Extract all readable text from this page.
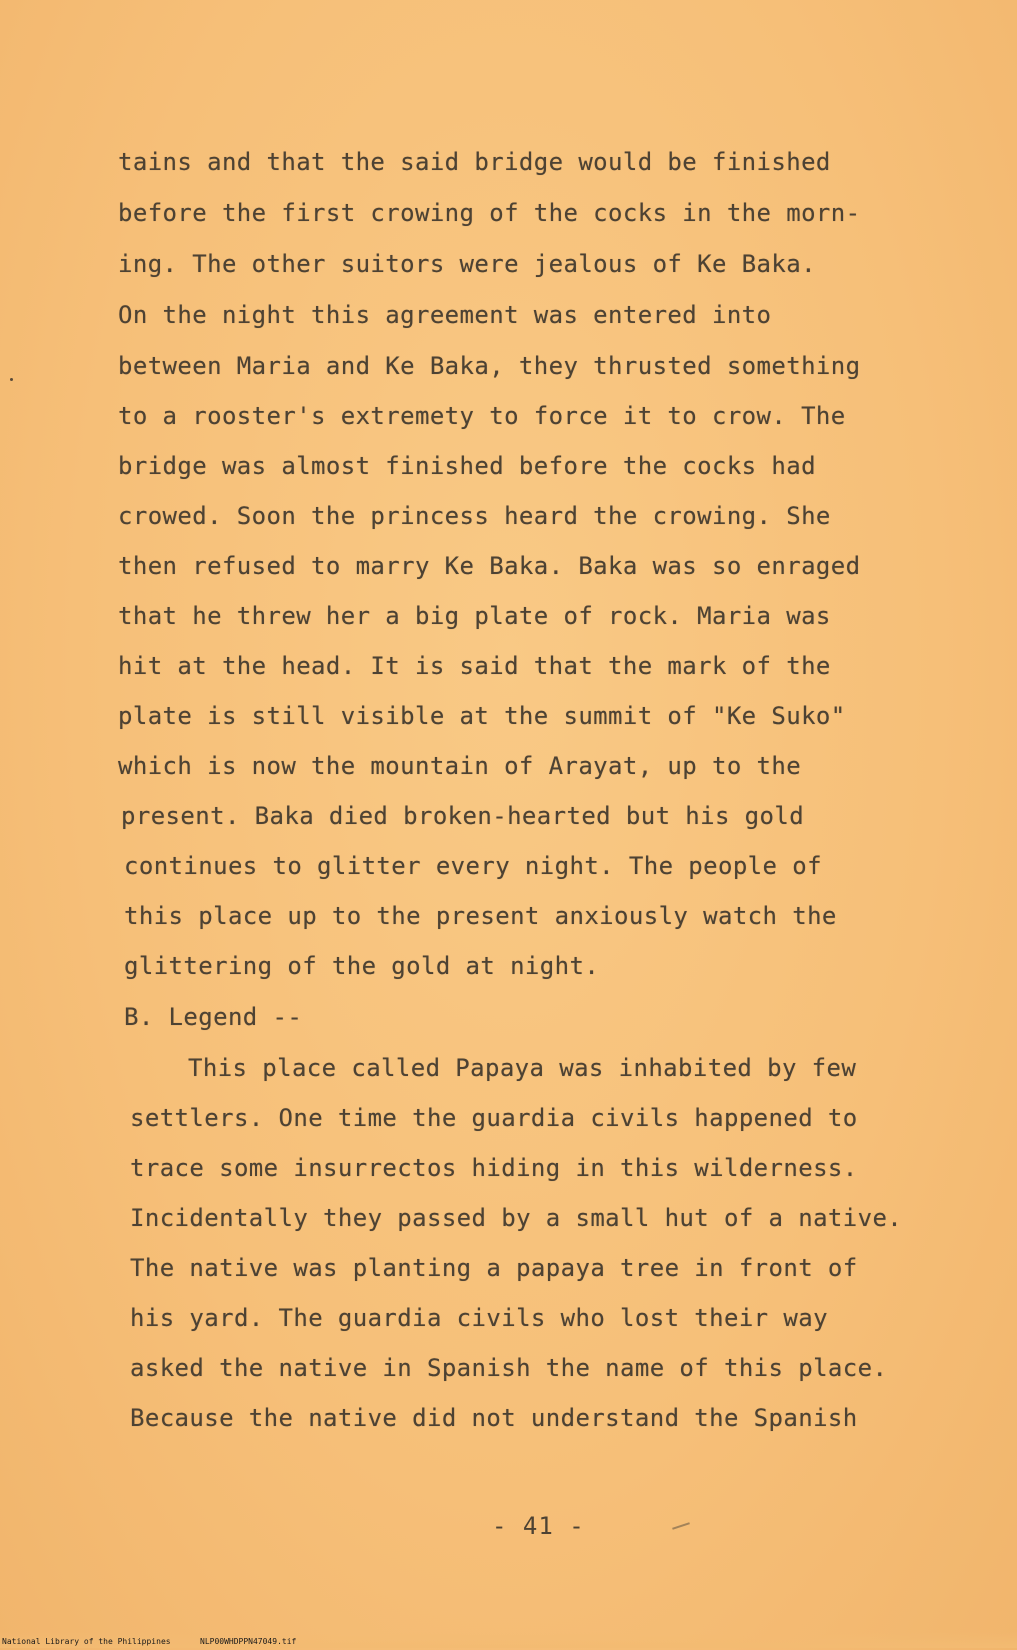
tains and that the said bridge would be finished
before the first crowing of the cocks in the morn-
ing. The other suitors were jealous of Ke Baka.
On the night this agreement was entered into
between Maria and Ke Baka, they thrusted something
to a rooster's extremety to force it to crow. The
bridge was almost finished before the cocks had
crowed. Soon the princess heard the crowing. She
then refused to marry Ke Baka. Baka was so enraged
that he threw her a big plate of rock. Maria was
hit at the head. It is said that the mark of the
plate is still visible at the summit of "Ke Suko"
which is now the mountain of Arayat, up to the
present. Baka died broken-hearted but his gold
continues to glitter every night. The people of
this place up to the present anxiously watch the
glittering of the gold at night.
B. Legend --
This place called Papaya was inhabited by few
settlers. One time the guardia civils happened to
trace some insurrectos hiding in this wilderness.
Incidentally they passed by a small hut of a native.
The native was planting a papaya tree in front of
his yard. The guardia civils who lost their way
asked the native in Spanish the name of this place.
Because the native did not understand the Spanish
- 41 -
National Library of the Philippines	NLP00WHDPPN47049.tif
